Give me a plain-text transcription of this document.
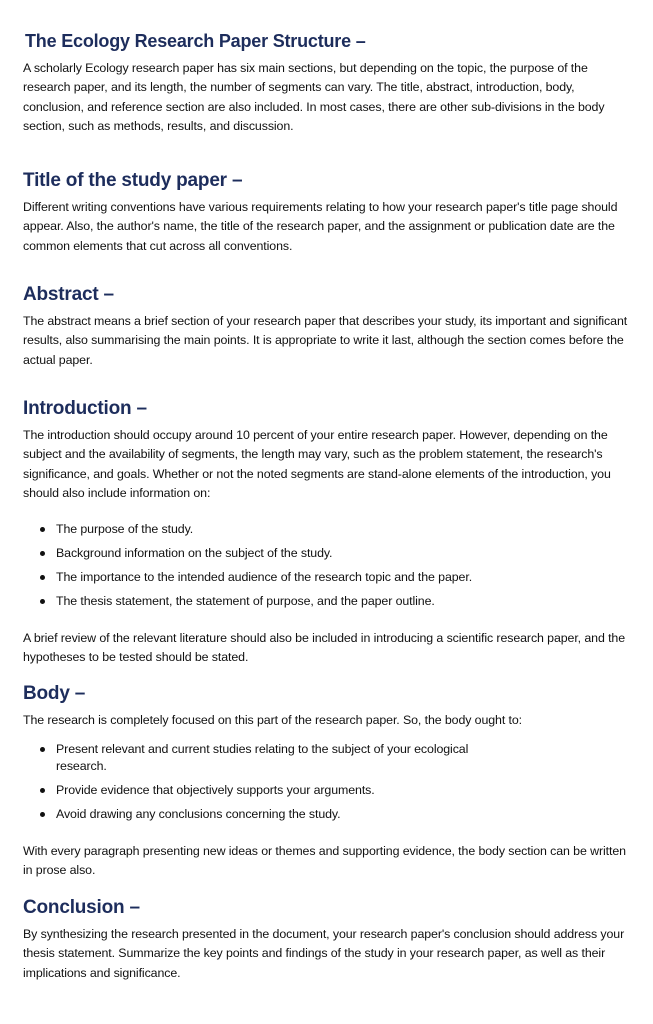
The Ecology Research Paper Structure –

A scholarly Ecology research paper has six main sections, but depending on the topic, the purpose of the research paper, and its length, the number of segments can vary. The title, abstract, introduction, body, conclusion, and reference section are also included. In most cases, there are other sub-divisions in the body section, such as methods, results, and discussion.

Title of the study paper –

Different writing conventions have various requirements relating to how your research paper's title page should appear. Also, the author's name, the title of the research paper, and the assignment or publication date are the common elements that cut across all conventions.

Abstract –

The abstract means a brief section of your research paper that describes your study, its important and significant results, also summarising the main points. It is appropriate to write it last, although the section comes before the actual paper.

Introduction –

The introduction should occupy around 10 percent of your entire research paper. However, depending on the subject and the availability of segments, the length may vary, such as the problem statement, the research's significance, and goals. Whether or not the noted segments are stand-alone elements of the introduction, you should also include information on:

The purpose of the study.
Background information on the subject of the study.
The importance to the intended audience of the research topic and the paper.
The thesis statement, the statement of purpose, and the paper outline.

A brief review of the relevant literature should also be included in introducing a scientific research paper, and the hypotheses to be tested should be stated.

Body –

The research is completely focused on this part of the research paper. So, the body ought to:

Present relevant and current studies relating to the subject of your ecological research.
Provide evidence that objectively supports your arguments.
Avoid drawing any conclusions concerning the study.

With every paragraph presenting new ideas or themes and supporting evidence, the body section can be written in prose also.

Conclusion –

By synthesizing the research presented in the document, your research paper's conclusion should address your thesis statement. Summarize the key points and findings of the study in your research paper, as well as their implications and significance.
